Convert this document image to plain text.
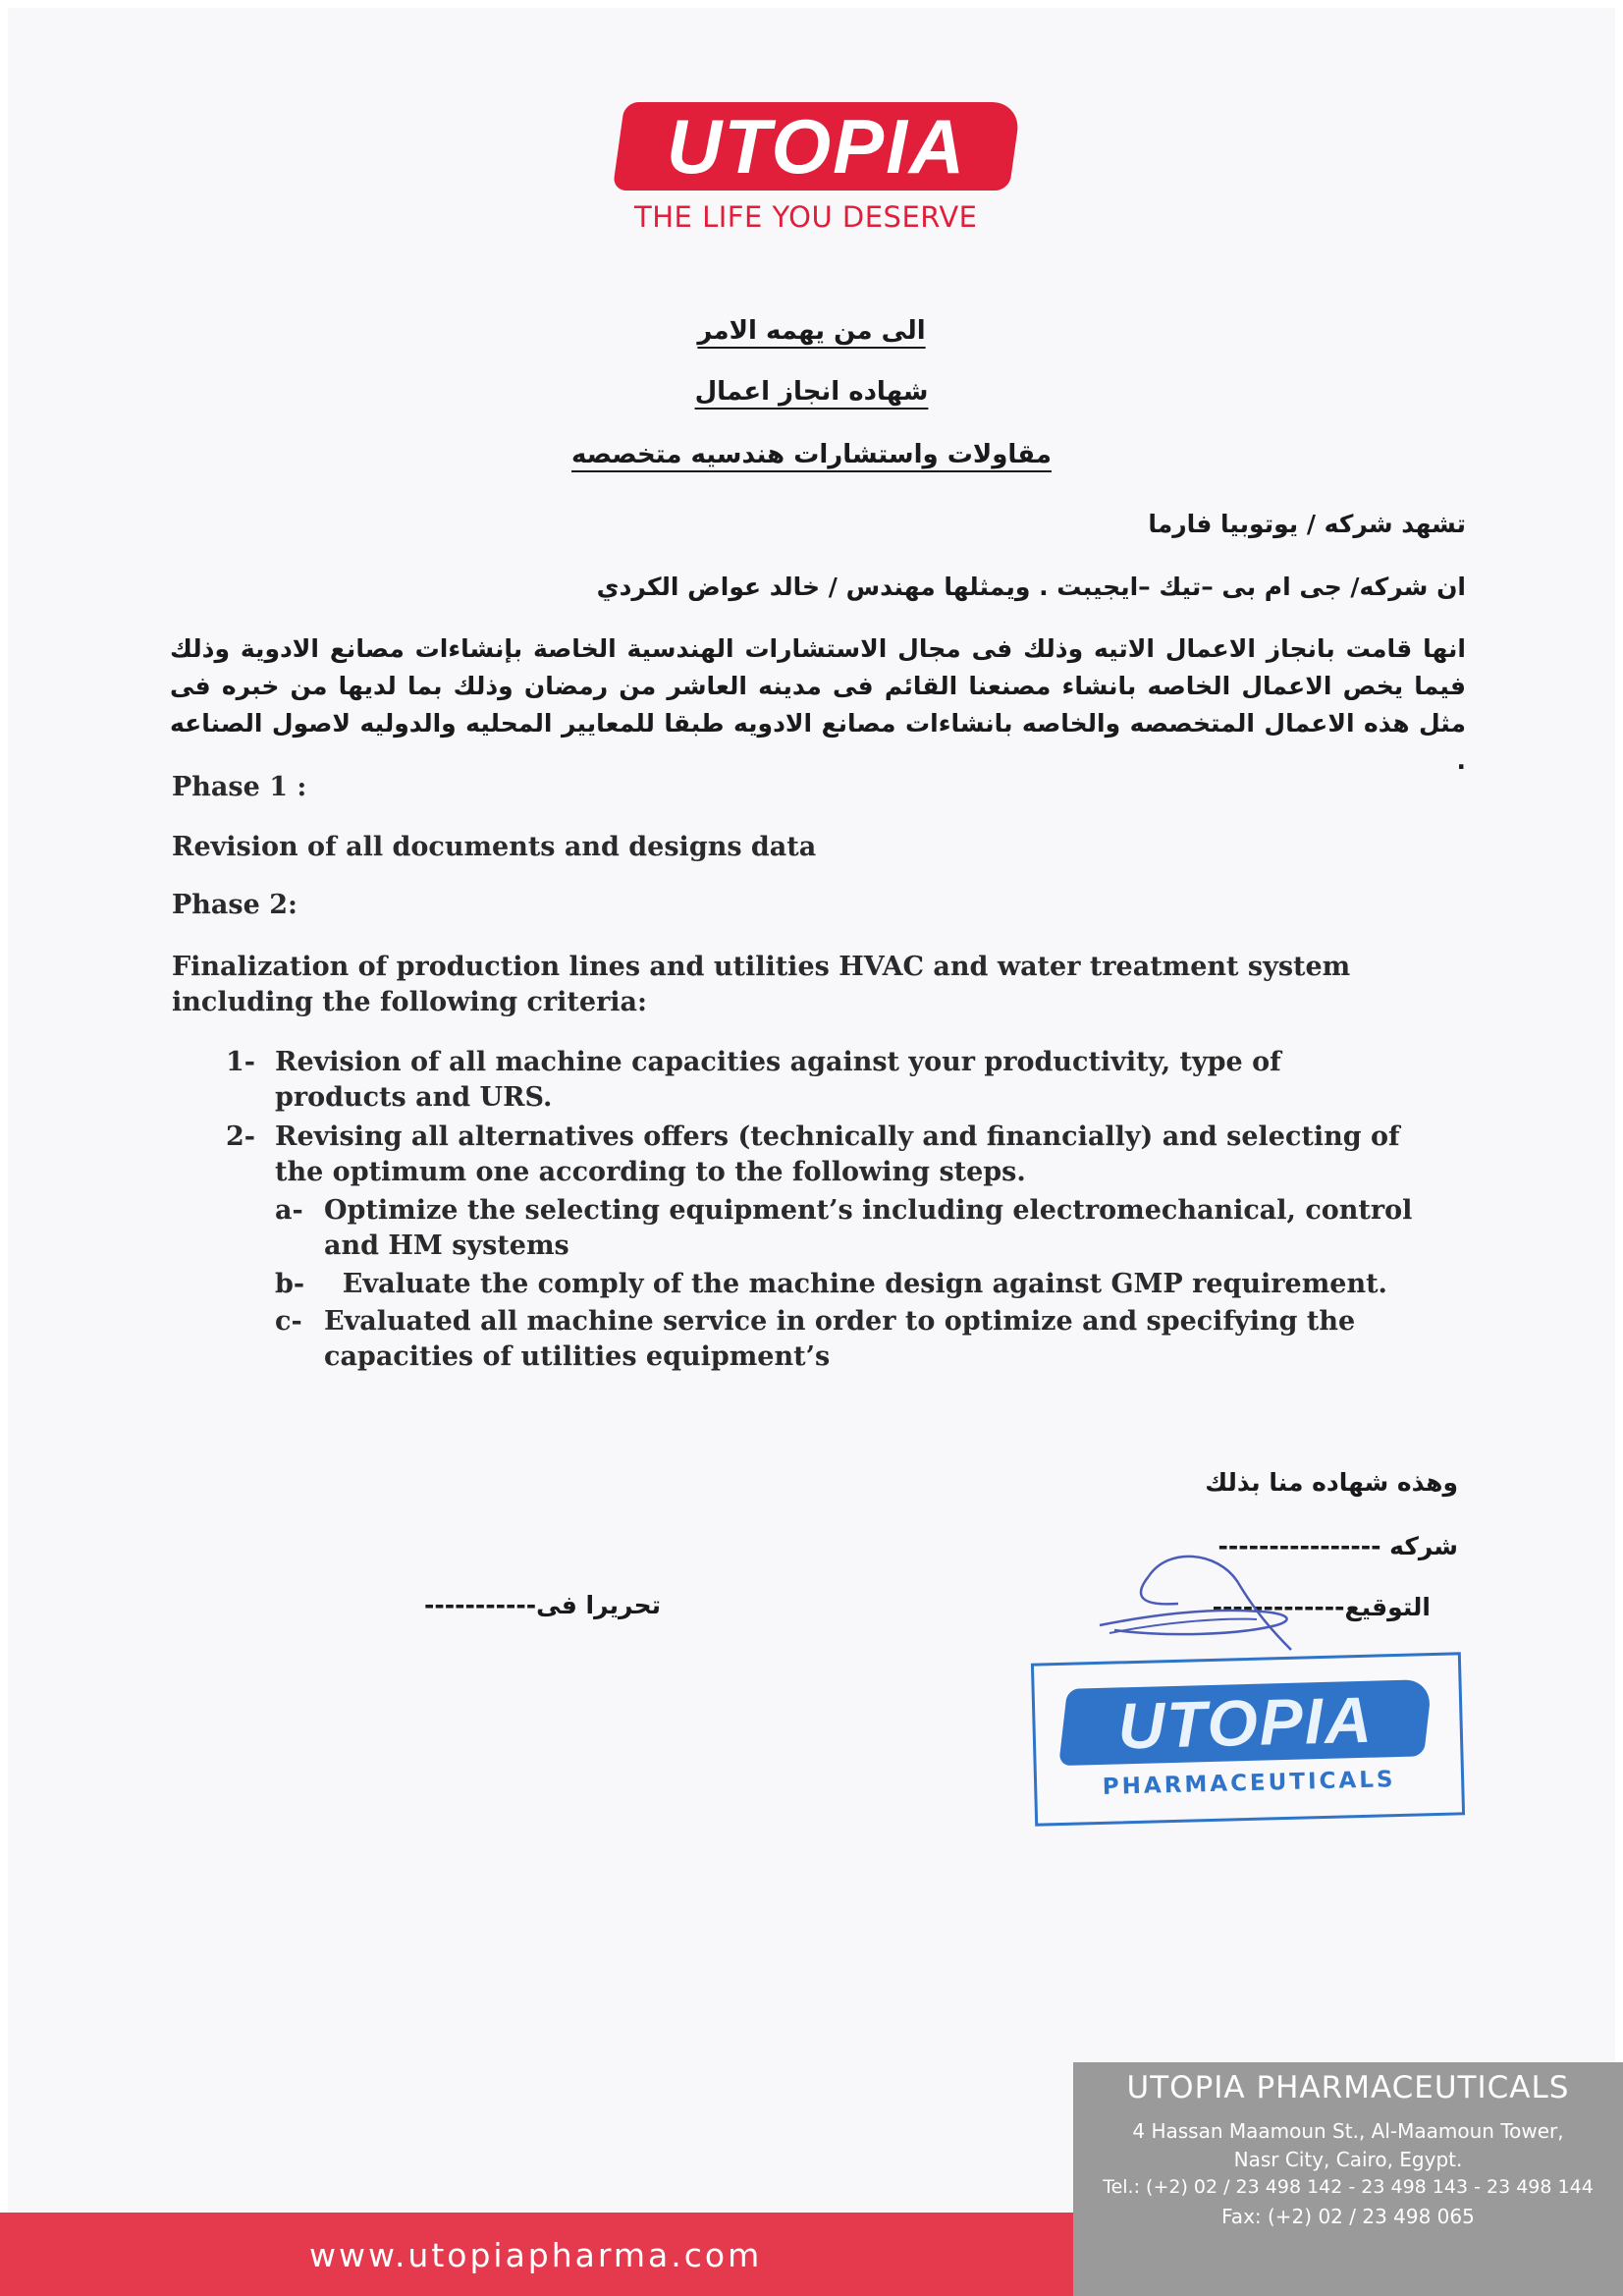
UTOPIA
THE LIFE YOU DESERVE
الى من يهمه الامر
شهاده انجاز اعمال
مقاولات واستشارات هندسيه متخصصه
تشهد شركه / يوتوبيا فارما
ان شركه/ جى ام بى –تيك –ايجيبت . ويمثلها مهندس / خالد عواض الكردي
انها قامت بانجاز الاعمال الاتيه وذلك فى مجال الاستشارات الهندسية الخاصة بإنشاءات مصانع الادوية وذلك فيما يخص الاعمال الخاصه بانشاء مصنعنا القائم فى مدينه العاشر من رمضان وذلك بما لديها من خبره فى مثل هذه الاعمال المتخصصه والخاصه بانشاءات مصانع الادويه طبقا للمعايير المحليه والدوليه لاصول الصناعه .
Phase 1 :
Revision of all documents and designs data
Phase 2:
Finalization of production lines and utilities HVAC and water treatment system including the following criteria:
1- Revision of all machine capacities against your productivity, type of products and URS.
2- Revising all alternatives offers (technically and financially) and selecting of the optimum one according to the following steps.
a- Optimize the selecting equipment’s including electromechanical, control and HM systems

b-

Evaluate the comply of the machine design against GMP requirement.

c- Evaluated all machine service in order to optimize and specifying the capacities of utilities equipment’s
وهذه شهاده منا بذلك
شركه ----------------
التوقيع-------------
تحريرا فى-----------
UTOPIA
PHARMACEUTICALS
www.utopiapharma.com
UTOPIA PHARMACEUTICALS
4 Hassan Maamoun St., Al-Maamoun Tower,
Nasr City, Cairo, Egypt.
Tel.: (+2) 02 / 23 498 142 - 23 498 143 - 23 498 144
Fax: (+2) 02 / 23 498 065
